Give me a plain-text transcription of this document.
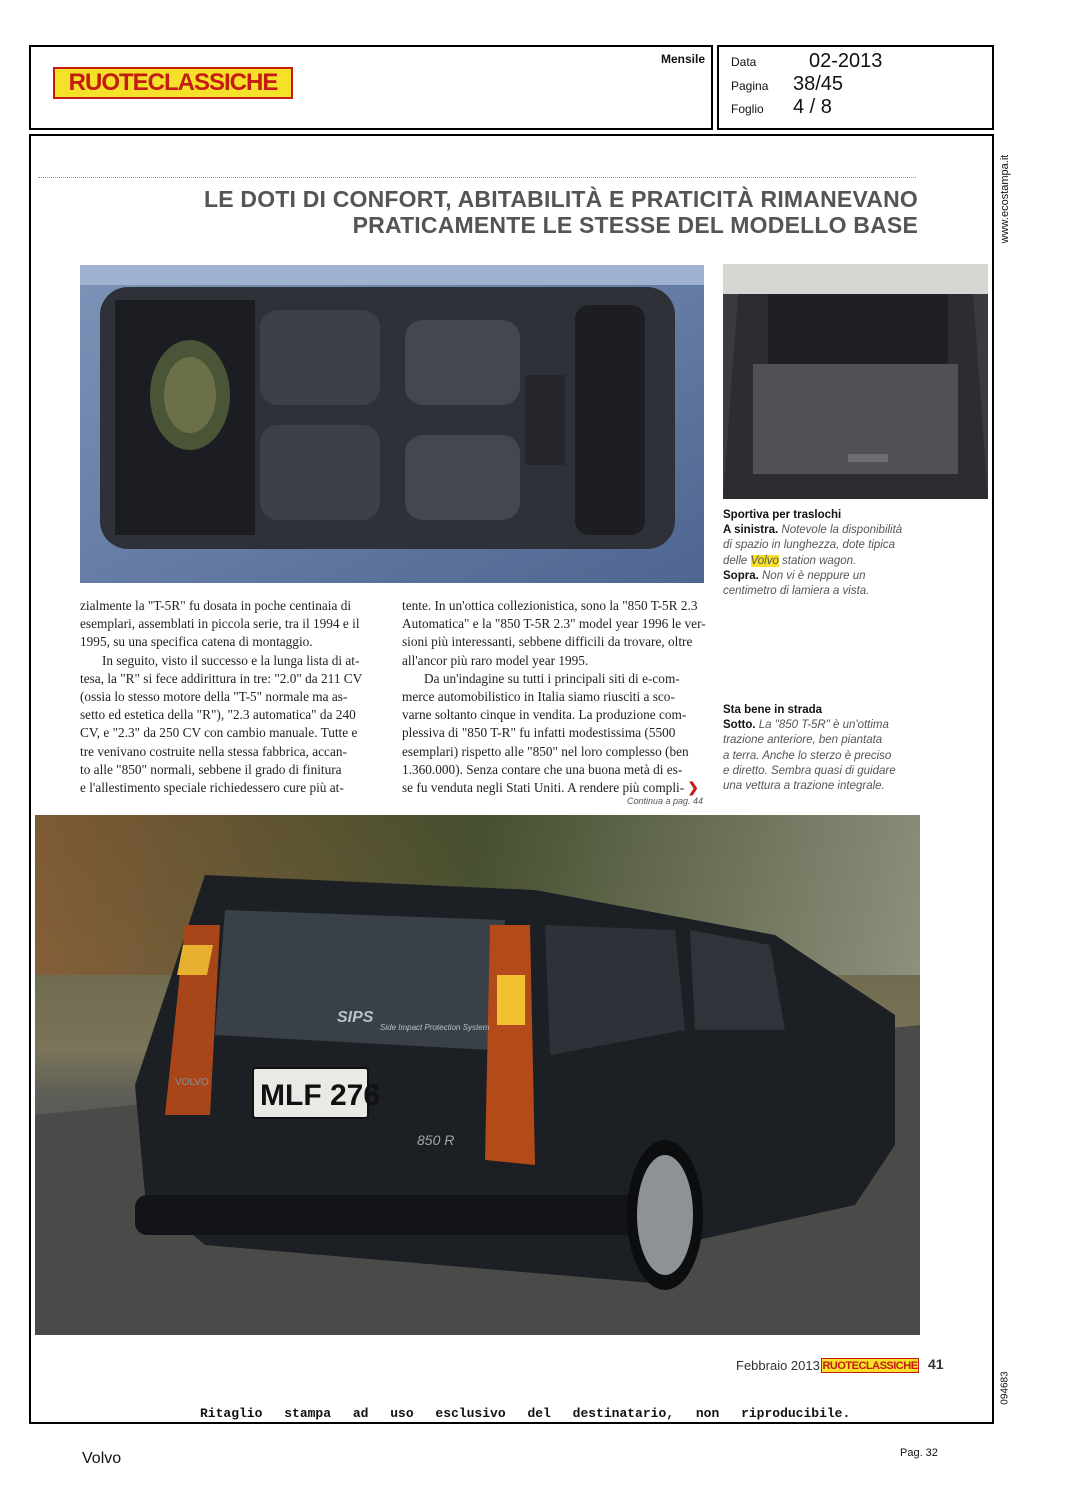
RUOTECLASSICHE
Mensile Data	02-2013
Pagina 38/45
Foglio 4 / 8
www.ecostampa.it
094683
LE DOTI DI CONFORT, ABITABILITÀ E PRATICITÀ RIMANEVANO
PRATICAMENTE LE STESSE DEL MODELLO BASE
Sportiva per traslochi
A sinistra. Notevole la disponibilità
di spazio in lunghezza, dote tipica
delle Volvo station wagon.
Sopra. Non vi è neppure un
centimetro di lamiera a vista.
Sta bene in strada
Sotto. La "850 T-5R" è un'ottima
trazione anteriore, ben piantata
a terra. Anche lo sterzo è preciso
e diretto. Sembra quasi di guidare
una vettura a trazione integrale.

zialmente la "T-5R" fu dosata in poche centinaia di

esemplari, assemblati in piccola serie, tra il 1994 e il

1995, su una specifica catena di montaggio.

In seguito, visto il successo e la lunga lista di at-

tesa, la "R" si fece addirittura in tre: "2.0" da 211 CV

(ossia lo stesso motore della "T-5" normale ma as-

setto ed estetica della "R"), "2.3 automatica" da 240

CV, e "2.3" da 250 CV con cambio manuale. Tutte e

tre venivano costruite nella stessa fabbrica, accan-

to alle "850" normali, sebbene il grado di finitura

e l'allestimento speciale richiedessero cure più at-

tente. In un'ottica collezionistica, sono la "850 T-5R 2.3

Automatica" e la "850 T-5R 2.3" model year 1996 le ver-

sioni più interessanti, sebbene difficili da trovare, oltre

all'ancor più raro model year 1995.

Da un'indagine su tutti i principali siti di e-com-

merce automobilistico in Italia siamo riusciti a sco-

varne soltanto cinque in vendita. La produzione com-

plessiva di "850 T-R" fu infatti modestissima (5500

esemplari) rispetto alle "850" nel loro complesso (ben

1.360.000). Senza contare che una buona metà di es-

se fu venduta negli Stati Uniti. A rendere più compli- ❯

Continua a pag. 44
MLF 276
SIPS
Side Impact Protection System
850 R
VOLVO
Febbraio 2013 RUOTECLASSICHE 41
Ritaglio stampa ad uso esclusivo del destinatario, non riproducibile.
Volvo	Pag. 32
